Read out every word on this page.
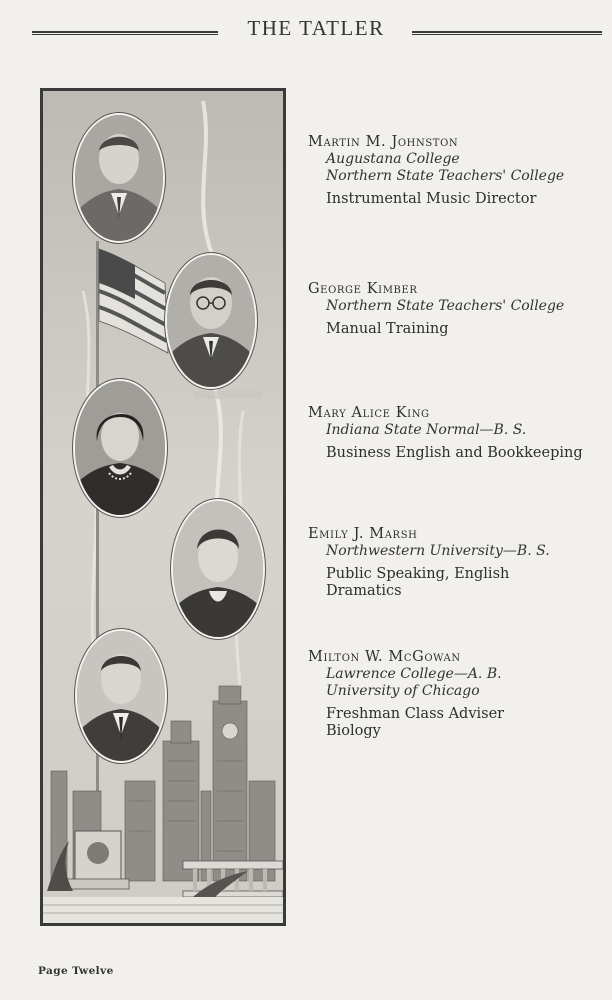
THE TATLER
Martin M. Johnston
Augustana College
Northern State Teachers' College
Instrumental Music Director
George Kimber
Northern State Teachers' College
Manual Training
Mary Alice King
Indiana State Normal—B. S.
Business English and Bookkeeping
Emily J. Marsh
Northwestern University—B. S.
Public Speaking, English
Dramatics
Milton W. McGowan
Lawrence College—A. B.
University of Chicago
Freshman Class Adviser
Biology
Page Twelve
